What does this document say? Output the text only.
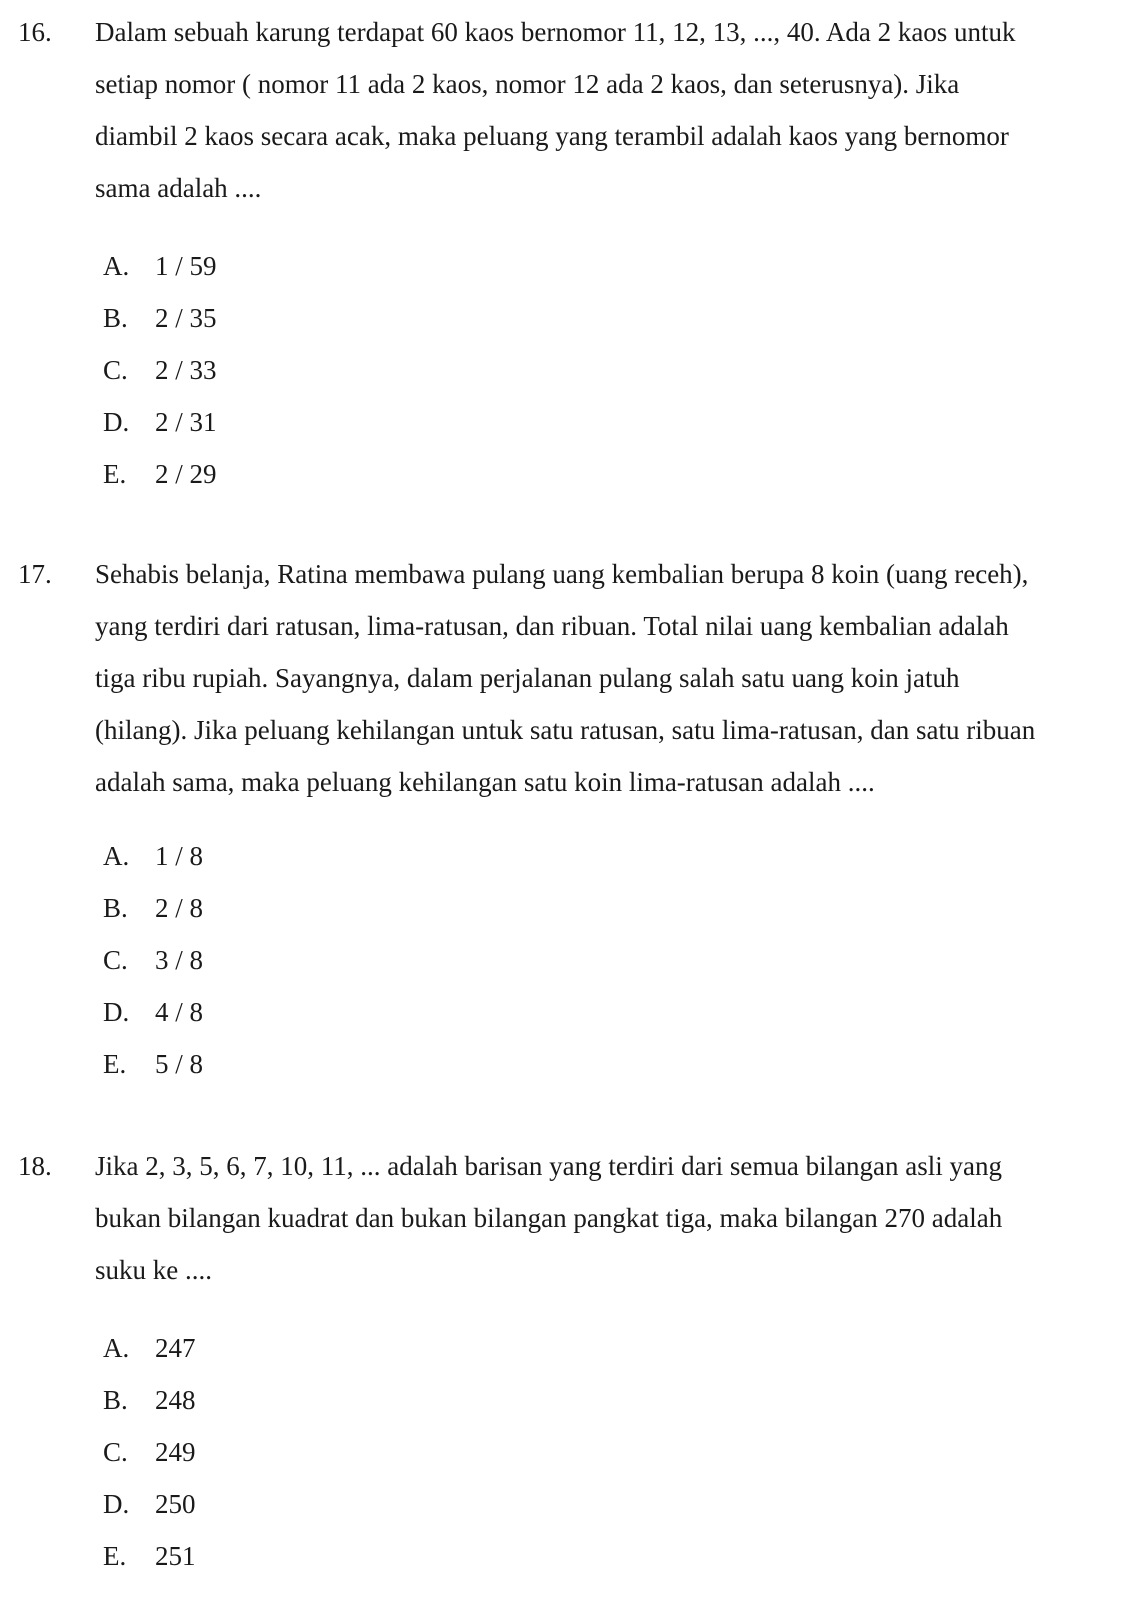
16. Dalam sebuah karung terdapat 60 kaos bernomor 11, 12, 13, ..., 40. Ada 2 kaos untuk
setiap nomor ( nomor 11 ada 2 kaos, nomor 12 ada 2 kaos, dan seterusnya). Jika
diambil 2 kaos secara acak, maka peluang yang terambil adalah kaos yang bernomor
sama adalah ....
A. 1 / 59
B. 2 / 35
C. 2 / 33
D. 2 / 31
E. 2 / 29
17. Sehabis belanja, Ratina membawa pulang uang kembalian berupa 8 koin (uang receh),
yang terdiri dari ratusan, lima-ratusan, dan ribuan. Total nilai uang kembalian adalah
tiga ribu rupiah. Sayangnya, dalam perjalanan pulang salah satu uang koin jatuh
(hilang). Jika peluang kehilangan untuk satu ratusan, satu lima-ratusan, dan satu ribuan
adalah sama, maka peluang kehilangan satu koin lima-ratusan adalah ....
A. 1 / 8
B. 2 / 8
C. 3 / 8
D. 4 / 8
E. 5 / 8
18. Jika 2, 3, 5, 6, 7, 10, 11, ... adalah barisan yang terdiri dari semua bilangan asli yang
bukan bilangan kuadrat dan bukan bilangan pangkat tiga, maka bilangan 270 adalah
suku ke ....
A. 247
B. 248
C. 249
D. 250
E. 251
